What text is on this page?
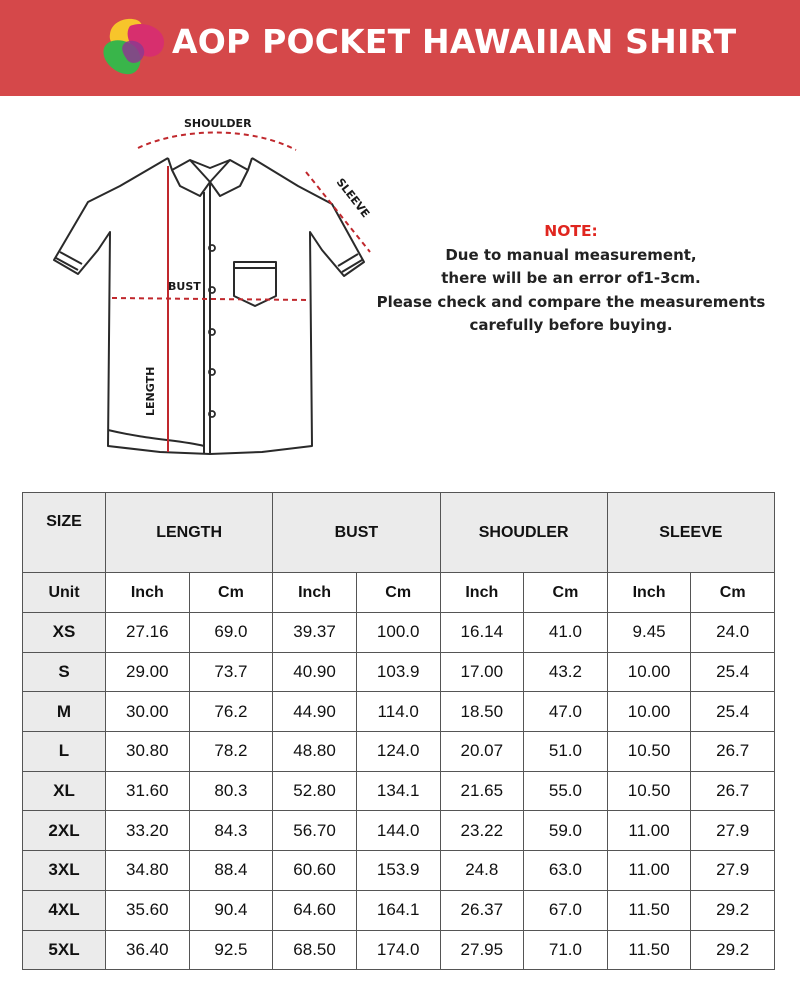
AOP POCKET HAWAIIAN SHIRT
SHOULDER
SLEEVE
BUST
LENGTH
NOTE:
Due to manual measurement,
there will be an error of1-3cm.
Please check and compare the measurements
carefully before buying.
SIZE	LENGTH		BUST		SHOUDLER		SLEEVE	
Unit	Inch	Cm	Inch	Cm	Inch	Cm	Inch	Cm
XS	27.16	69.0	39.37	100.0	16.14	41.0	9.45	24.0
S	29.00	73.7	40.90	103.9	17.00	43.2	10.00	25.4
M	30.00	76.2	44.90	114.0	18.50	47.0	10.00	25.4
L	30.80	78.2	48.80	124.0	20.07	51.0	10.50	26.7
XL	31.60	80.3	52.80	134.1	21.65	55.0	10.50	26.7
2XL	33.20	84.3	56.70	144.0	23.22	59.0	11.00	27.9
3XL	34.80	88.4	60.60	153.9	24.8	63.0	11.00	27.9
4XL	35.60	90.4	64.60	164.1	26.37	67.0	11.50	29.2
5XL	36.40	92.5	68.50	174.0	27.95	71.0	11.50	29.2
